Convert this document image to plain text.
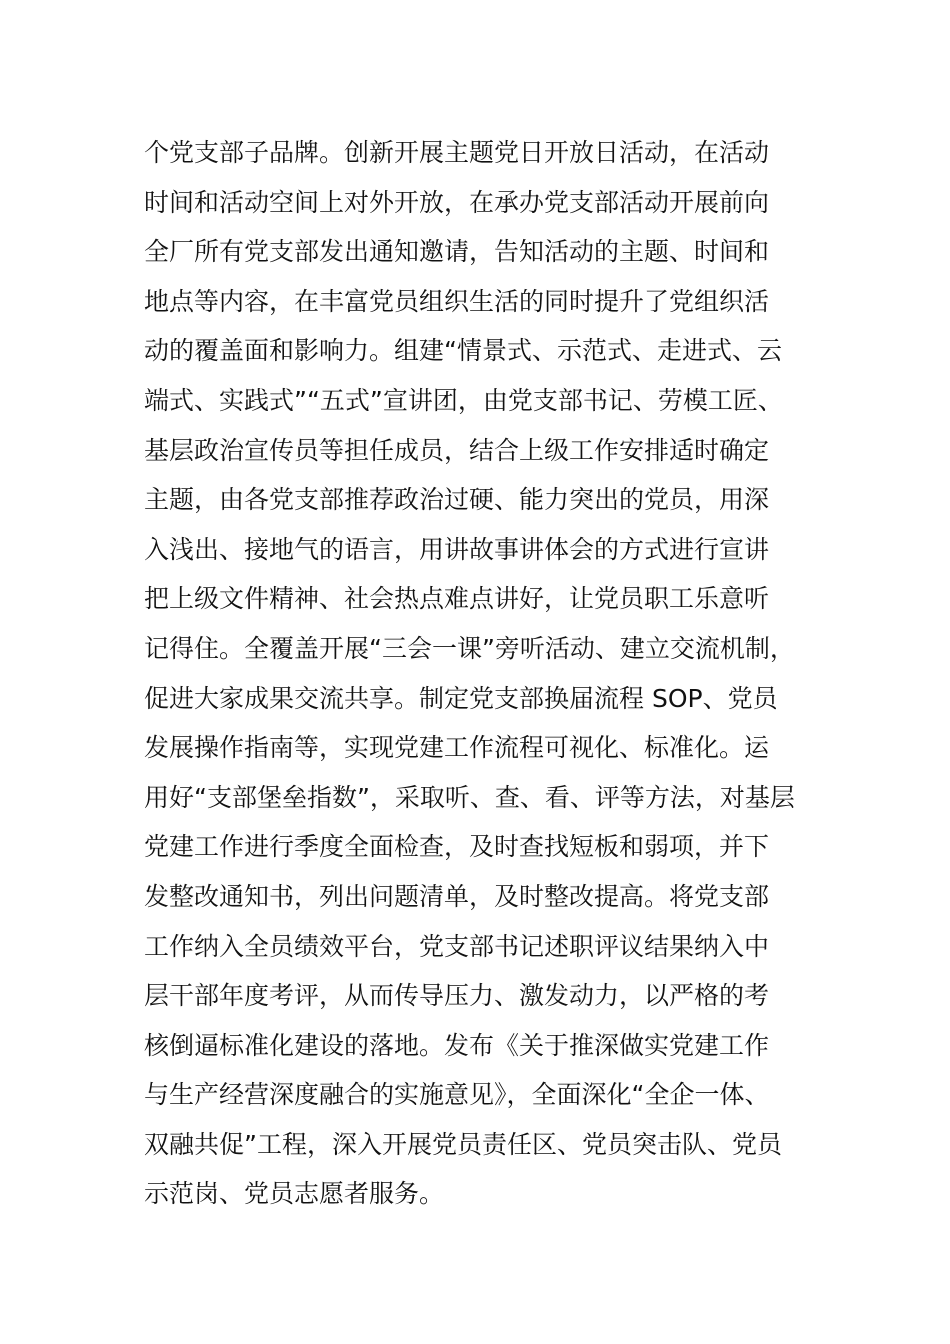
个党支部子品牌。创新开展主题党日开放日活动，在活动
时间和活动空间上对外开放，在承办党支部活动开展前向
全厂所有党支部发出通知邀请，告知活动的主题、时间和
地点等内容，在丰富党员组织生活的同时提升了党组织活
动的覆盖面和影响力。组建“情景式、示范式、走进式、云
端式、实践式”“五式”宣讲团，由党支部书记、劳模工匠、
基层政治宣传员等担任成员，结合上级工作安排适时确定
主题，由各党支部推荐政治过硬、能力突出的党员，用深
入浅出、接地气的语言，用讲故事讲体会的方式进行宣讲
把上级文件精神、社会热点难点讲好，让党员职工乐意听
记得住。全覆盖开展“三会一课”旁听活动、建立交流机制，
促进大家成果交流共享。制定党支部换届流程 SOP、党员
发展操作指南等，实现党建工作流程可视化、标准化。运
用好“支部堡垒指数”，采取听、查、看、评等方法，对基层
党建工作进行季度全面检查，及时查找短板和弱项，并下
发整改通知书，列出问题清单，及时整改提高。将党支部
工作纳入全员绩效平台，党支部书记述职评议结果纳入中
层干部年度考评，从而传导压力、激发动力，以严格的考
核倒逼标准化建设的落地。发布《关于推深做实党建工作
与生产经营深度融合的实施意见》，全面深化“全企一体、
双融共促”工程，深入开展党员责任区、党员突击队、党员
示范岗、党员志愿者服务。
